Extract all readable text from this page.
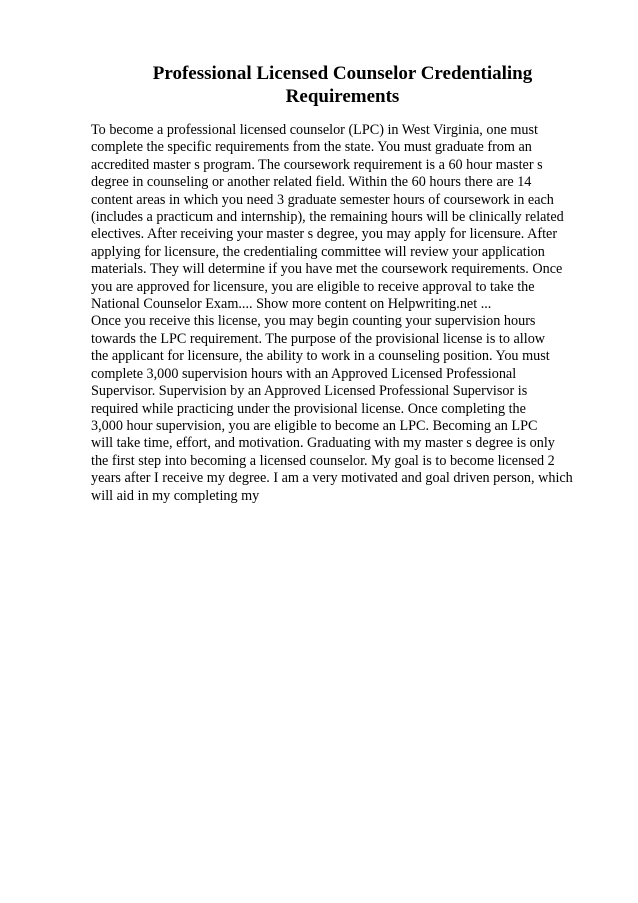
Professional Licensed Counselor Credentialing
Requirements
To become a professional licensed counselor (LPC) in West Virginia, one must
complete the specific requirements from the state. You must graduate from an
accredited master s program. The coursework requirement is a 60 hour master s
degree in counseling or another related field. Within the 60 hours there are 14
content areas in which you need 3 graduate semester hours of coursework in each
(includes a practicum and internship), the remaining hours will be clinically related
electives. After receiving your master s degree, you may apply for licensure. After
applying for licensure, the credentialing committee will review your application
materials. They will determine if you have met the coursework requirements. Once
you are approved for licensure, you are eligible to receive approval to take the
National Counselor Exam.... Show more content on Helpwriting.net ...
Once you receive this license, you may begin counting your supervision hours
towards the LPC requirement. The purpose of the provisional license is to allow
the applicant for licensure, the ability to work in a counseling position. You must
complete 3,000 supervision hours with an Approved Licensed Professional
Supervisor. Supervision by an Approved Licensed Professional Supervisor is
required while practicing under the provisional license. Once completing the
3,000 hour supervision, you are eligible to become an LPC. Becoming an LPC
will take time, effort, and motivation. Graduating with my master s degree is only
the first step into becoming a licensed counselor. My goal is to become licensed 2
years after I receive my degree. I am a very motivated and goal driven person, which
will aid in my completing my
